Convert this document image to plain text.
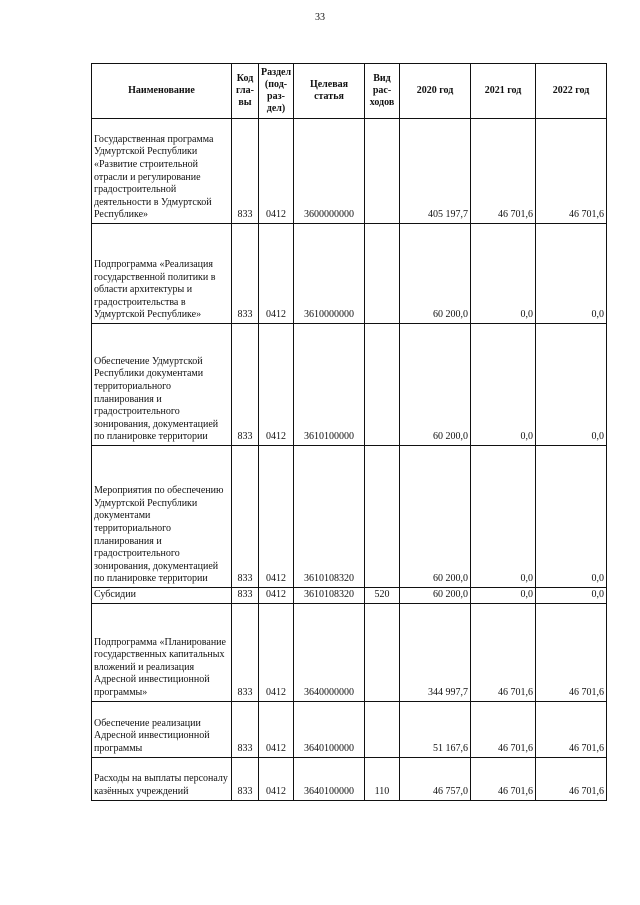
33
Наименование	Код гла-вы	Раздел (под-раз-дел)	Целевая статья	Вид рас-ходов	2020 год	2021 год	2022 год
Государственная программа Удмуртской Республики «Развитие строительной отрасли и регулирование градостроительной деятельности в Удмуртской Республике»	833	0412	3600000000		405 197,7	46 701,6	46 701,6
Подпрограмма «Реализация государственной политики в области архитектуры и градостроительства в Удмуртской Республике»	833	0412	3610000000		60 200,0	0,0	0,0
Обеспечение Удмуртской Республики документами территориального планирования и градостроительного зонирования, документацией по планировке территории	833	0412	3610100000		60 200,0	0,0	0,0
Мероприятия по обеспечению Удмуртской Республики документами территориального планирования и градостроительного зонирования, документацией по планировке территории	833	0412	3610108320		60 200,0	0,0	0,0
Субсидии	833	0412	3610108320	520	60 200,0	0,0	0,0
Подпрограмма «Планирование государственных капитальных вложений и реализация Адресной инвестиционной программы»	833	0412	3640000000		344 997,7	46 701,6	46 701,6
Обеспечение реализации Адресной инвестиционной программы	833	0412	3640100000		51 167,6	46 701,6	46 701,6
Расходы на выплаты персоналу казённых учреждений	833	0412	3640100000	110	46 757,0	46 701,6	46 701,6
